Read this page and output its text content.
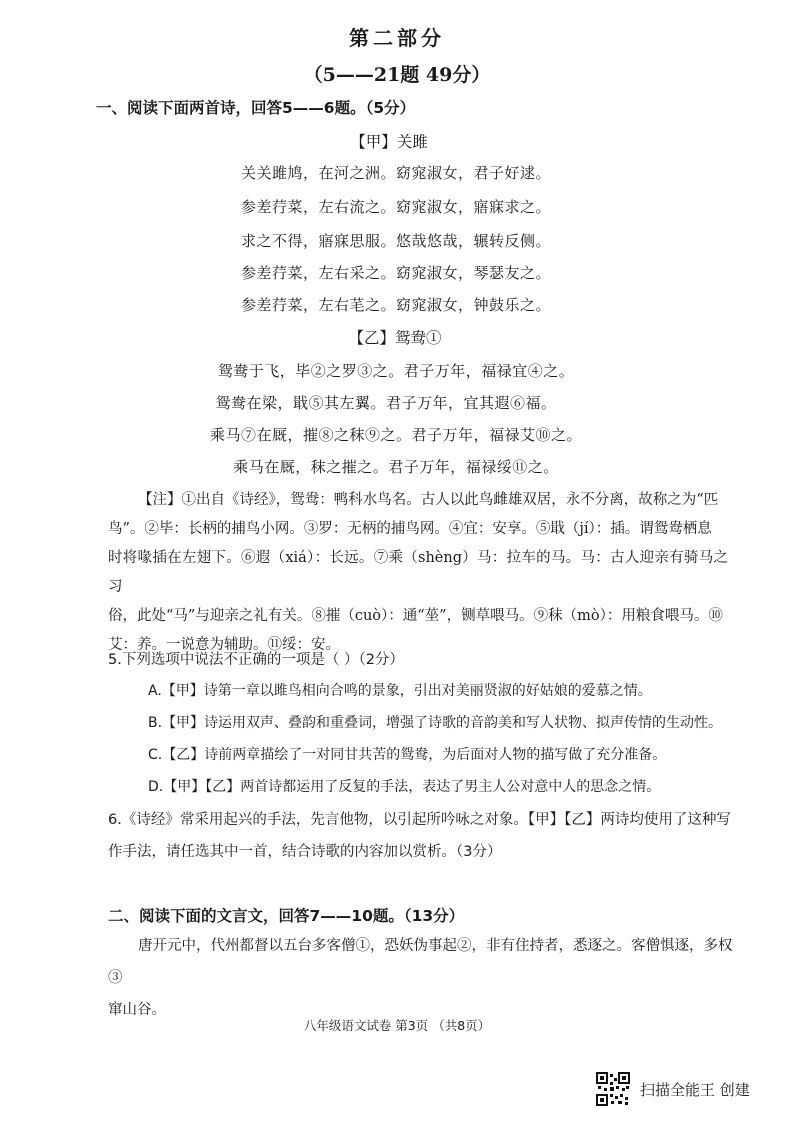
第二部分
（5——21题 49分）
一、阅读下面两首诗，回答5——6题。（5分）
【甲】关雎
关关雎鸠，在河之洲。窈窕淑女，君子好逑。
参差荇菜，左右流之。窈窕淑女，寤寐求之。
求之不得，寤寐思服。悠哉悠哉，辗转反侧。
参差荇菜，左右采之。窈窕淑女，琴瑟友之。
参差荇菜，左右芼之。窈窕淑女，钟鼓乐之。
【乙】鸳鸯①
鸳鸯于飞，毕②之罗③之。君子万年，福禄宜④之。
鸳鸯在梁，戢⑤其左翼。君子万年，宜其遐⑥福。
乘马⑦在厩，摧⑧之秣⑨之。君子万年，福禄艾⑩之。
乘马在厩，秣之摧之。君子万年，福禄绥⑪之。
【注】①出自《诗经》，鸳鸯：鸭科水鸟名。古人以此鸟雌雄双居，永不分离，故称之为“匹
鸟”。②毕：长柄的捕鸟小网。③罗：无柄的捕鸟网。④宜：安享。⑤戢（jí）：插。谓鸳鸯栖息
时将喙插在左翅下。⑥遐（xiá）：长远。⑦乘（shèng）马：拉车的马。马：古人迎亲有骑马之习
俗，此处“马”与迎亲之礼有关。⑧摧（cuò）：通“莝”，铡草喂马。⑨秣（mò）：用粮食喂马。⑩
艾：养。一说意为辅助。⑪绥：安。
5.下列选项中说法不正确的一项是（ ）（2分）
A.【甲】诗第一章以雎鸟相向合鸣的景象，引出对美丽贤淑的好姑娘的爱慕之情。
B.【甲】诗运用双声、叠韵和重叠词，增强了诗歌的音韵美和写人状物、拟声传情的生动性。
C.【乙】诗前两章描绘了一对同甘共苦的鸳鸯，为后面对人物的描写做了充分准备。
D.【甲】【乙】两首诗都运用了反复的手法，表达了男主人公对意中人的思念之情。
6.《诗经》常采用起兴的手法，先言他物，以引起所吟咏之对象。【甲】【乙】两诗均使用了这种写
作手法，请任选其中一首，结合诗歌的内容加以赏析。（3分）
二、阅读下面的文言文，回答7——10题。（13分）
唐开元中，代州都督以五台多客僧①，恐妖伪事起②，非有住持者，悉逐之。客僧惧逐，多权③
窜山谷。
八年级语文试卷 第3页 （共8页）
扫描全能王 创建
